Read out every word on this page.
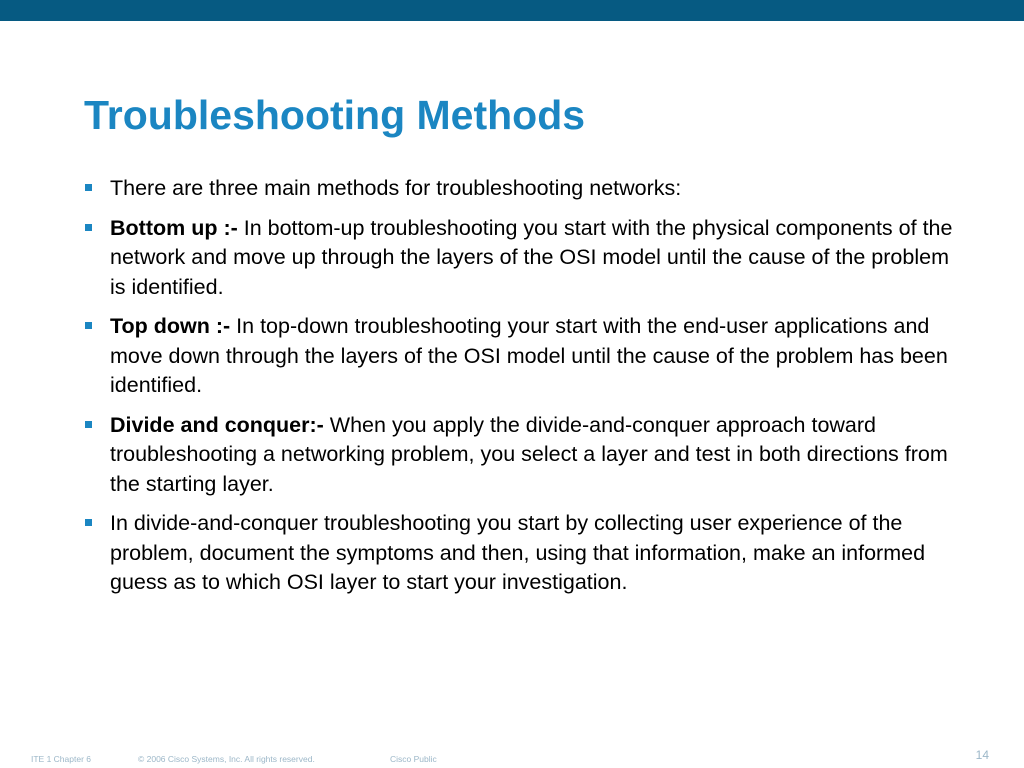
Troubleshooting Methods
There are three main methods for troubleshooting networks:
Bottom up :- In bottom-up troubleshooting you start with the physical components of the network and move up through the layers of the OSI model until the cause of the problem is identified.
Top down :- In top-down troubleshooting your start with the end-user applications and move down through the layers of the OSI model until the cause of the problem has been identified.
Divide and conquer:- When you apply the divide-and-conquer approach toward troubleshooting a networking problem, you select a layer and test in both directions from the starting layer.
In divide-and-conquer troubleshooting you start by collecting user experience of the problem, document the symptoms and then, using that information, make an informed guess as to which OSI layer to start your investigation.
ITE 1 Chapter 6	© 2006 Cisco Systems, Inc. All rights reserved.	Cisco Public	14
